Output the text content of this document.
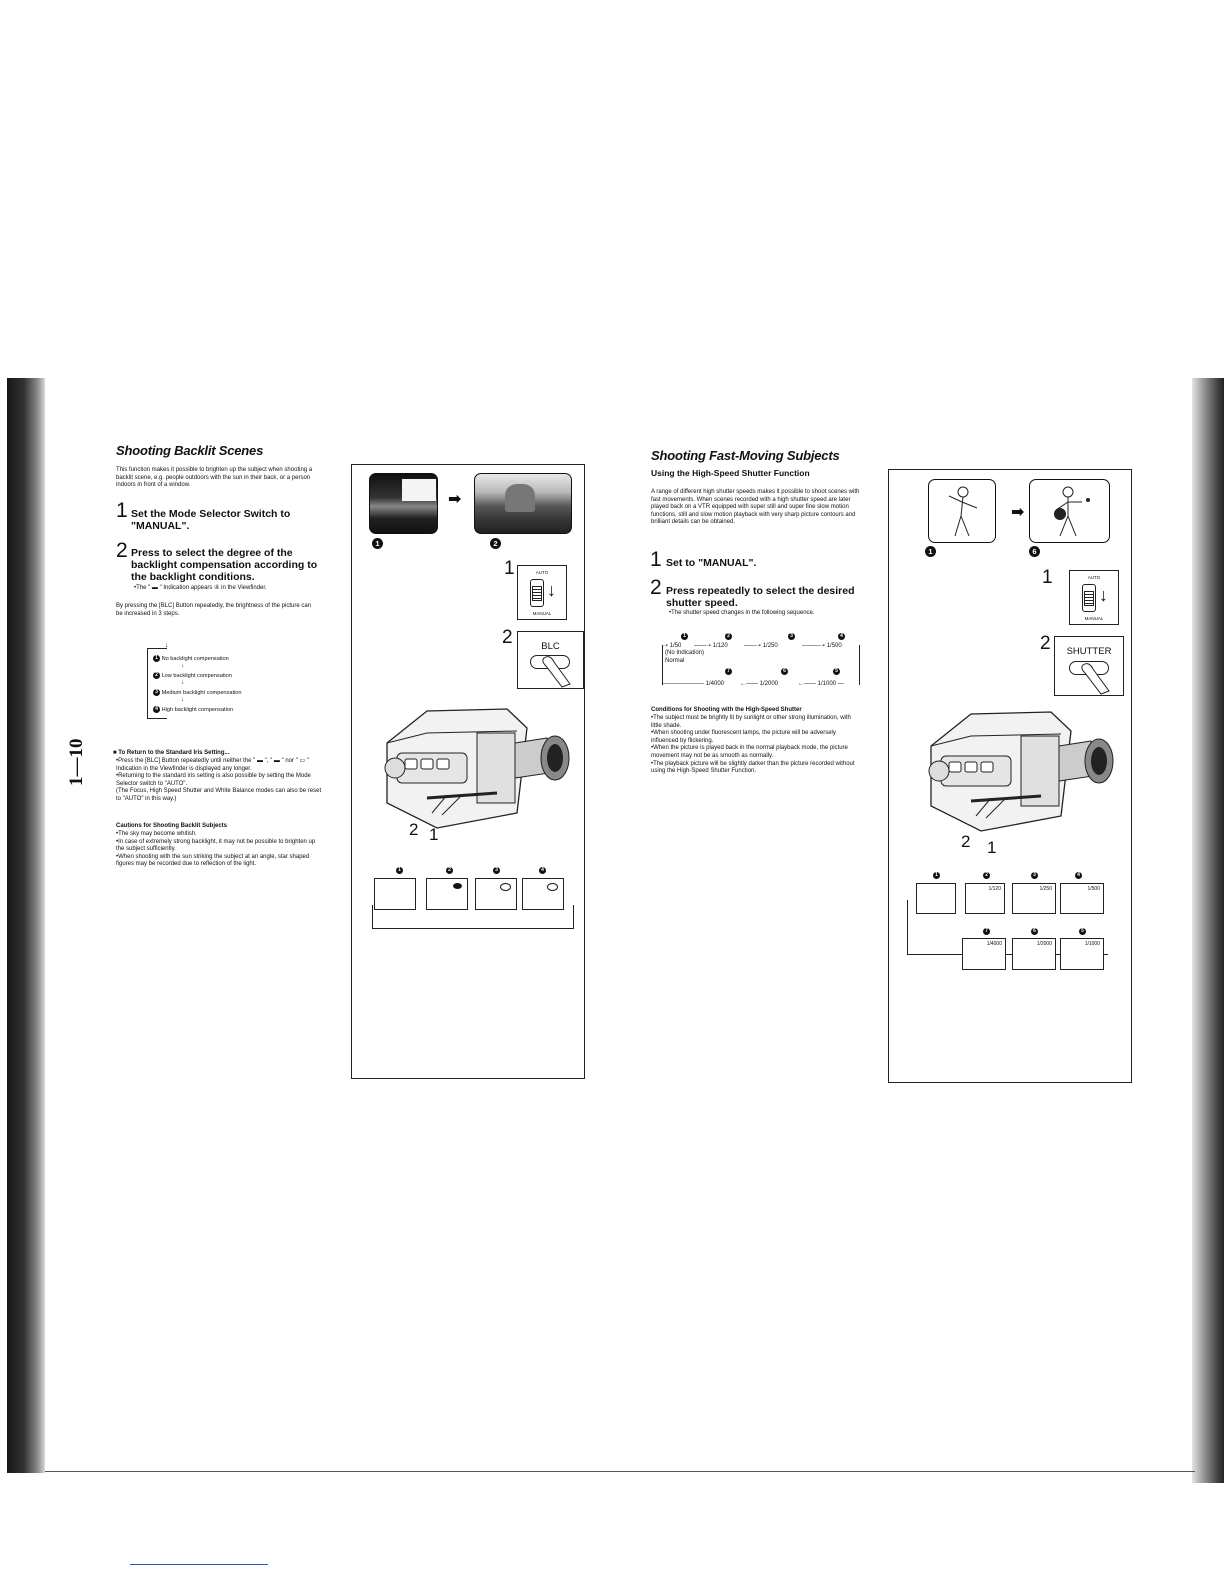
1—10
Shooting Backlit Scenes
This function makes it possible to brighten up the subject when shooting a backlit scene, e.g. people outdoors with the sun in their back, or a person indoors in front of a window.
1 Set the Mode Selector Switch to "MANUAL".
2 Press to select the degree of the backlight compensation according to the backlight conditions.
•The " ▬ " Indication appears ④ in the Viewfinder.
By pressing the [BLC] Button repeatedly, the brightness of the picture can be increased in 3 steps.
↓
1 No backlight compensation
↓
2 Low backlight compensation
↓
3 Medium backlight compensation
↓
4 High backlight compensation
■ To Return to the Standard Iris Setting...

•Press the [BLC] Button repeatedly until neither the " ▬ ", " ▬ " nor " ▭ " Indication in the Viewfinder is displayed any longer.

•Returning to the standard iris setting is also possible by setting the Mode Selector switch to "AUTO".

(The Focus, High Speed Shutter and White Balance modes can also be reset to "AUTO" in this way.)

Cautions for Shooting Backlit Subjects

•The sky may become whitish.

•In case of extremely strong backlight, it may not be possible to brighten up the subject sufficiently.

•When shooting with the sun striking the subject at an angle, star shaped figures may be recorded due to reflection of the light.

➡
1	2
1	AUTO
↓
MANUAL
2	BLC
2 1
1	2	3	4
Shooting Fast-Moving Subjects
Using the High-Speed Shutter Function
A range of different high shutter speeds makes it possible to shoot scenes with fast movements. When scenes recorded with a high shutter speed are later played back on a VTR equipped with super still and super fine slow motion functions, still and slow motion playback with very sharp picture contours and brilliant details can be obtained.
1 Set to "MANUAL".
2 Press repeatedly to select the desired shutter speed.
•The shutter speed changes in the following sequence.
1	2	3	4
➝ 1/50 ——➝ 1/120	——➝ 1/250	———➝ 1/500
(No Indication)
Normal
7	6	5
——————— 1/4000	←—— 1/2000	←—— 1/1000 —
Conditions for Shooting with the High-Speed Shutter

•The subject must be brightly lit by sunlight or other strong illumination, with little shade.

•When shooting under fluorescent lamps, the picture will be adversely influenced by flickering.

•When the picture is played back in the normal playback mode, the picture movement may not be as smooth as normally.

•The playback picture will be slightly darker than the picture recorded without using the High-Speed Shutter Function.

➡
1	6
1	AUTO
↓
MANUAL
2	SHUTTER
2 1
1	2	3	4
1/120	1/250	1/500
7	6	5
1/4000	1/2000	1/1000
